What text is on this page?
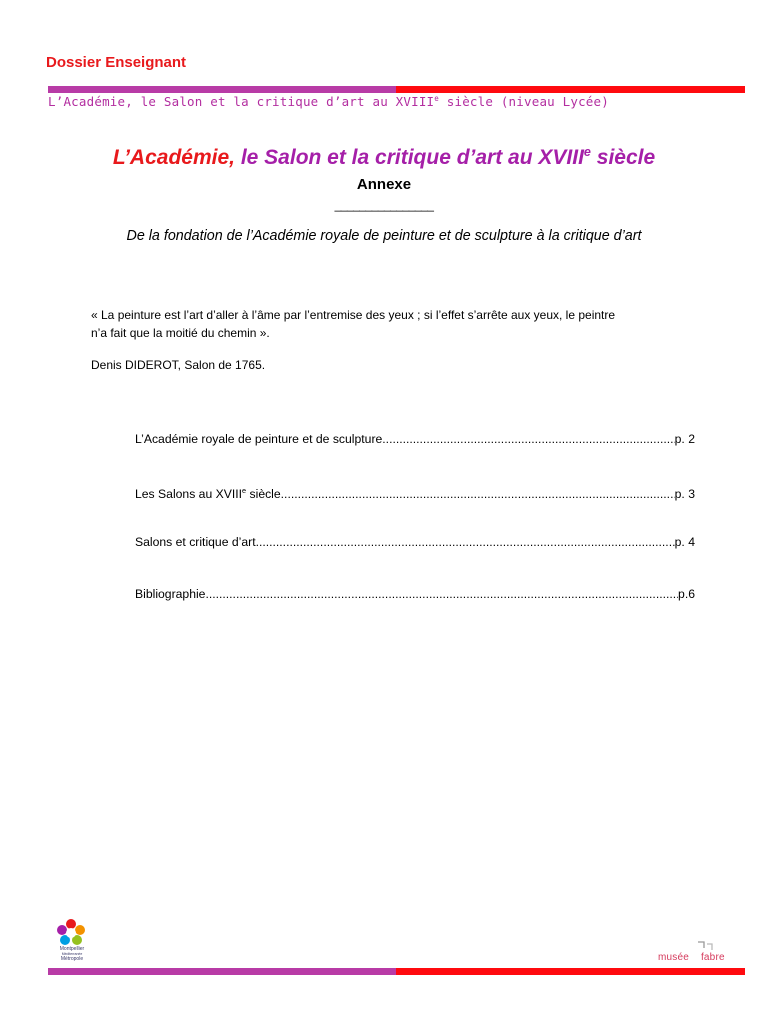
Dossier Enseignant
L’Académie, le Salon et la critique d’art au XVIIIe siècle (niveau Lycée)
L’Académie, le Salon et la critique d’art au XVIIIe siècle
Annexe
________________
De la fondation de l’Académie royale de peinture et de sculpture à la critique d’art
« La peinture est l’art d’aller à l’âme par l’entremise des yeux ; si l’effet s’arrête aux yeux, le peintre
n’a fait que la moitié du chemin ».
Denis DIDEROT, Salon de 1765.
L’Académie royale de peinture et de sculpture .....	p. 2
Les Salons au XVIIIe siècle .....	p. 3
Salons et critique d’art .....	p. 4
Bibliographie .....	p.6
Montpellier
Méditerranée
Métropole	musée fabre
